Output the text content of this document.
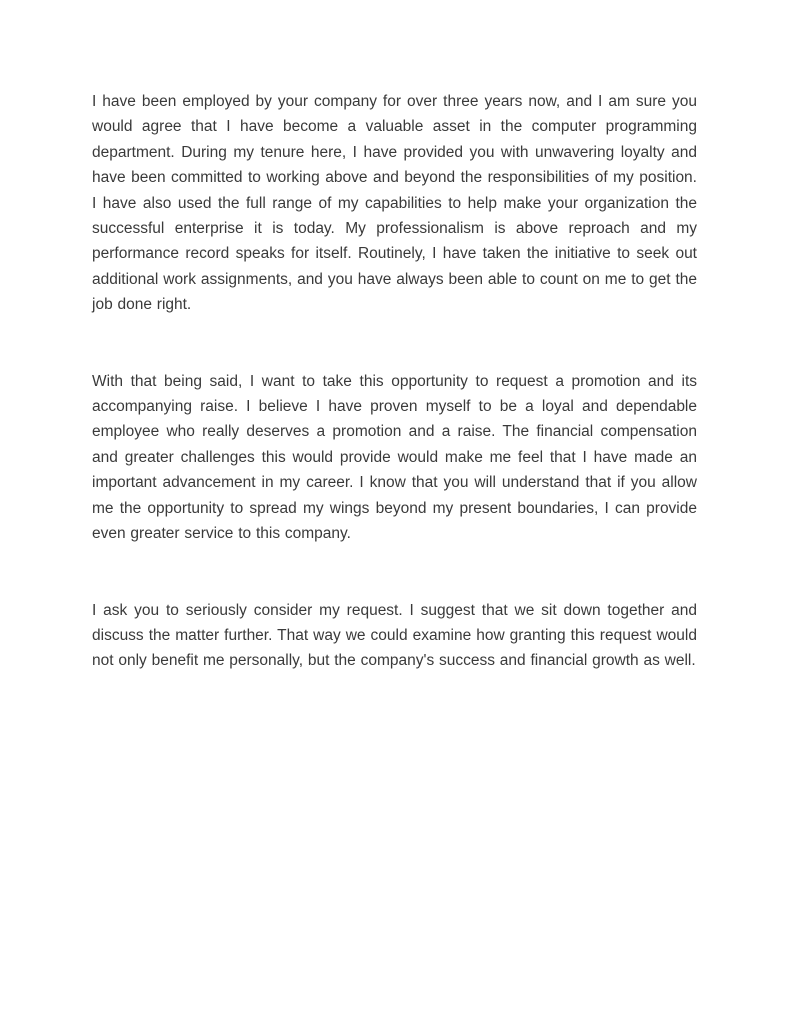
I have been employed by your company for over three years now, and I am sure you would agree that I have become a valuable asset in the computer programming department. During my tenure here, I have provided you with unwavering loyalty and have been committed to working above and beyond the responsibilities of my position. I have also used the full range of my capabilities to help make your organization the successful enterprise it is today. My professionalism is above reproach and my performance record speaks for itself. Routinely, I have taken the initiative to seek out additional work assignments, and you have always been able to count on me to get the job done right.

With that being said, I want to take this opportunity to request a promotion and its accompanying raise. I believe I have proven myself to be a loyal and dependable employee who really deserves a promotion and a raise. The financial compensation and greater challenges this would provide would make me feel that I have made an important advancement in my career. I know that you will understand that if you allow me the opportunity to spread my wings beyond my present boundaries, I can provide even greater service to this company.

I ask you to seriously consider my request. I suggest that we sit down together and discuss the matter further. That way we could examine how granting this request would not only benefit me personally, but the company's success and financial growth as well.
